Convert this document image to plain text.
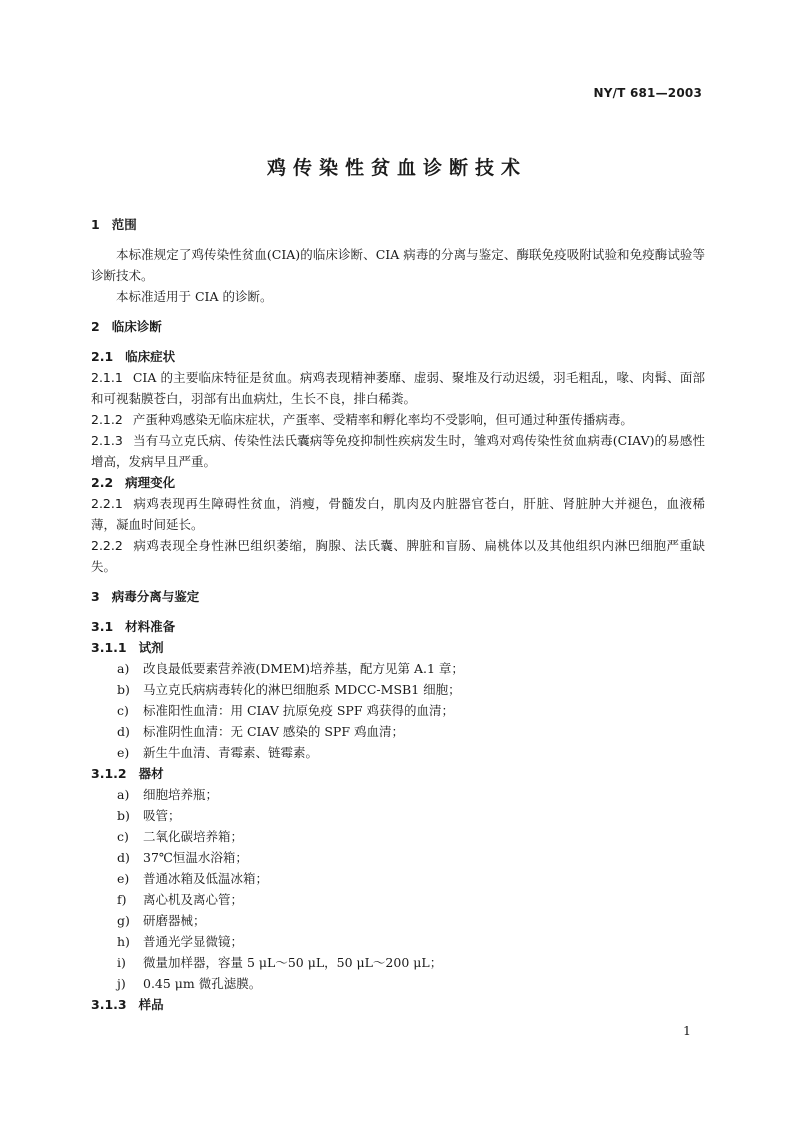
NY/T 681—2003
鸡传染性贫血诊断技术
1 范围
本标准规定了鸡传染性贫血(CIA)的临床诊断、CIA 病毒的分离与鉴定、酶联免疫吸附试验和免疫酶试验等诊断技术。
本标准适用于 CIA 的诊断。
2 临床诊断
2.1 临床症状
2.1.1 CIA 的主要临床特征是贫血。病鸡表现精神萎靡、虚弱、聚堆及行动迟缓，羽毛粗乱，喙、肉髯、面部和可视黏膜苍白，羽部有出血病灶，生长不良，排白稀粪。
2.1.2 产蛋种鸡感染无临床症状，产蛋率、受精率和孵化率均不受影响，但可通过种蛋传播病毒。
2.1.3 当有马立克氏病、传染性法氏囊病等免疫抑制性疾病发生时，雏鸡对鸡传染性贫血病毒(CIAV)的易感性增高，发病早且严重。
2.2 病理变化
2.2.1 病鸡表现再生障碍性贫血，消瘦，骨髓发白，肌肉及内脏器官苍白，肝脏、肾脏肿大并褪色，血液稀薄，凝血时间延长。
2.2.2 病鸡表现全身性淋巴组织萎缩，胸腺、法氏囊、脾脏和盲肠、扁桃体以及其他组织内淋巴细胞严重缺失。
3 病毒分离与鉴定
3.1 材料准备
3.1.1 试剂
a) 改良最低要素营养液(DMEM)培养基，配方见第 A.1 章；
b) 马立克氏病病毒转化的淋巴细胞系 MDCC-MSB1 细胞；
c) 标准阳性血清：用 CIAV 抗原免疫 SPF 鸡获得的血清；
d) 标准阴性血清：无 CIAV 感染的 SPF 鸡血清；
e) 新生牛血清、青霉素、链霉素。
3.1.2 器材
a) 细胞培养瓶；
b) 吸管；
c) 二氧化碳培养箱；
d) 37℃恒温水浴箱；
e) 普通冰箱及低温冰箱；
f) 离心机及离心管；
g) 研磨器械；
h) 普通光学显微镜；
i) 微量加样器，容量 5 μL～50 μL，50 μL～200 μL；
j) 0.45 μm 微孔滤膜。
3.1.3 样品
1
